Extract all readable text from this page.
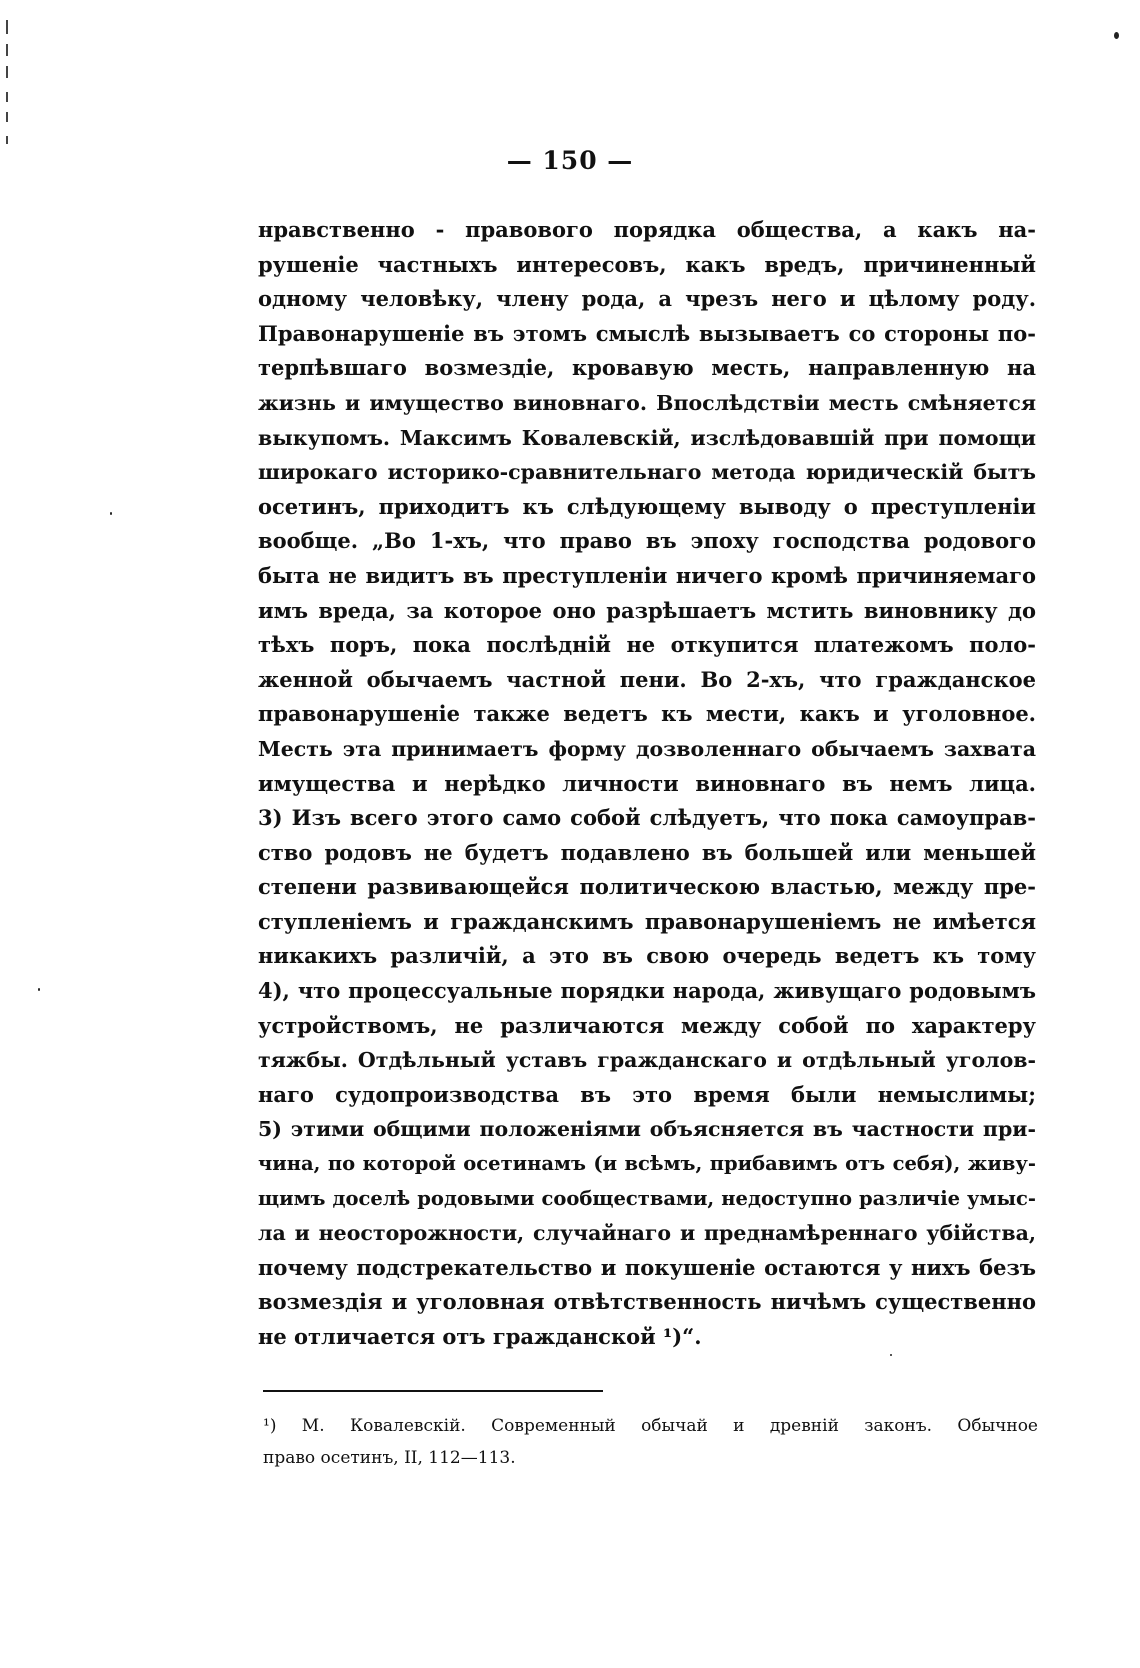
— 150 —
нравственно - правового порядка общества, а какъ на-
рушеніе частныхъ интересовъ, какъ вредъ, причиненный
одному человѣку, члену рода, а чрезъ него и цѣлому роду.
Правонарушеніе въ этомъ смыслѣ вызываетъ со стороны по-
терпѣвшаго возмездіе, кровавую месть, направленную на
жизнь и имущество виновнаго. Впослѣдствіи месть смѣняется
выкупомъ. Максимъ Ковалевскій, изслѣдовавшій при помощи
широкаго историко-сравнительнаго метода юридическій бытъ
осетинъ, приходитъ къ слѣдующему выводу о преступленіи
вообще. „Во 1-хъ, что право въ эпоху господства родового
быта не видитъ въ преступленіи ничего кромѣ причиняемаго
имъ вреда, за которое оно разрѣшаетъ мстить виновнику до
тѣхъ поръ, пока послѣдній не откупится платежомъ поло-
женной обычаемъ частной пени. Во 2-хъ, что гражданское
правонарушеніе также ведетъ къ мести, какъ и уголовное.
Месть эта принимаетъ форму дозволеннаго обычаемъ захвата
имущества и нерѣдко личности виновнаго въ немъ лица.
3) Изъ всего этого само собой слѣдуетъ, что пока самоупрaв-
ство родовъ не будетъ подавлено въ большей или меньшей
степени развивающейся политическою властью, между пре-
ступленіемъ и гражданскимъ правонарушеніемъ не имѣется
никакихъ различій, а это въ свою очередь ведетъ къ тому
4), что процессуальные порядки народа, живущаго родовымъ
устройствомъ, не различаются между собой по характеру
тяжбы. Отдѣльный уставъ гражданскаго и отдѣльный уголов-
наго судопроизводства въ это время были немыслимы;
5) этими общими положеніями объясняется въ частности при-
чина, по которой осетинамъ (и всѣмъ, прибавимъ отъ себя), живу-
щимъ доселѣ родовыми сообществами, недоступно различіе умыс-
ла и неосторожности, случайнаго и преднамѣреннаго убійства,
почему подстрекательство и покушеніе остаются у нихъ безъ
возмездія и уголовная отвѣтственность ничѣмъ существенно
не отличается отъ гражданской ¹)“.
¹) М. Ковалевскій. Современный обычай и древній законъ. Обычное
право осетинъ, II, 112—113.
